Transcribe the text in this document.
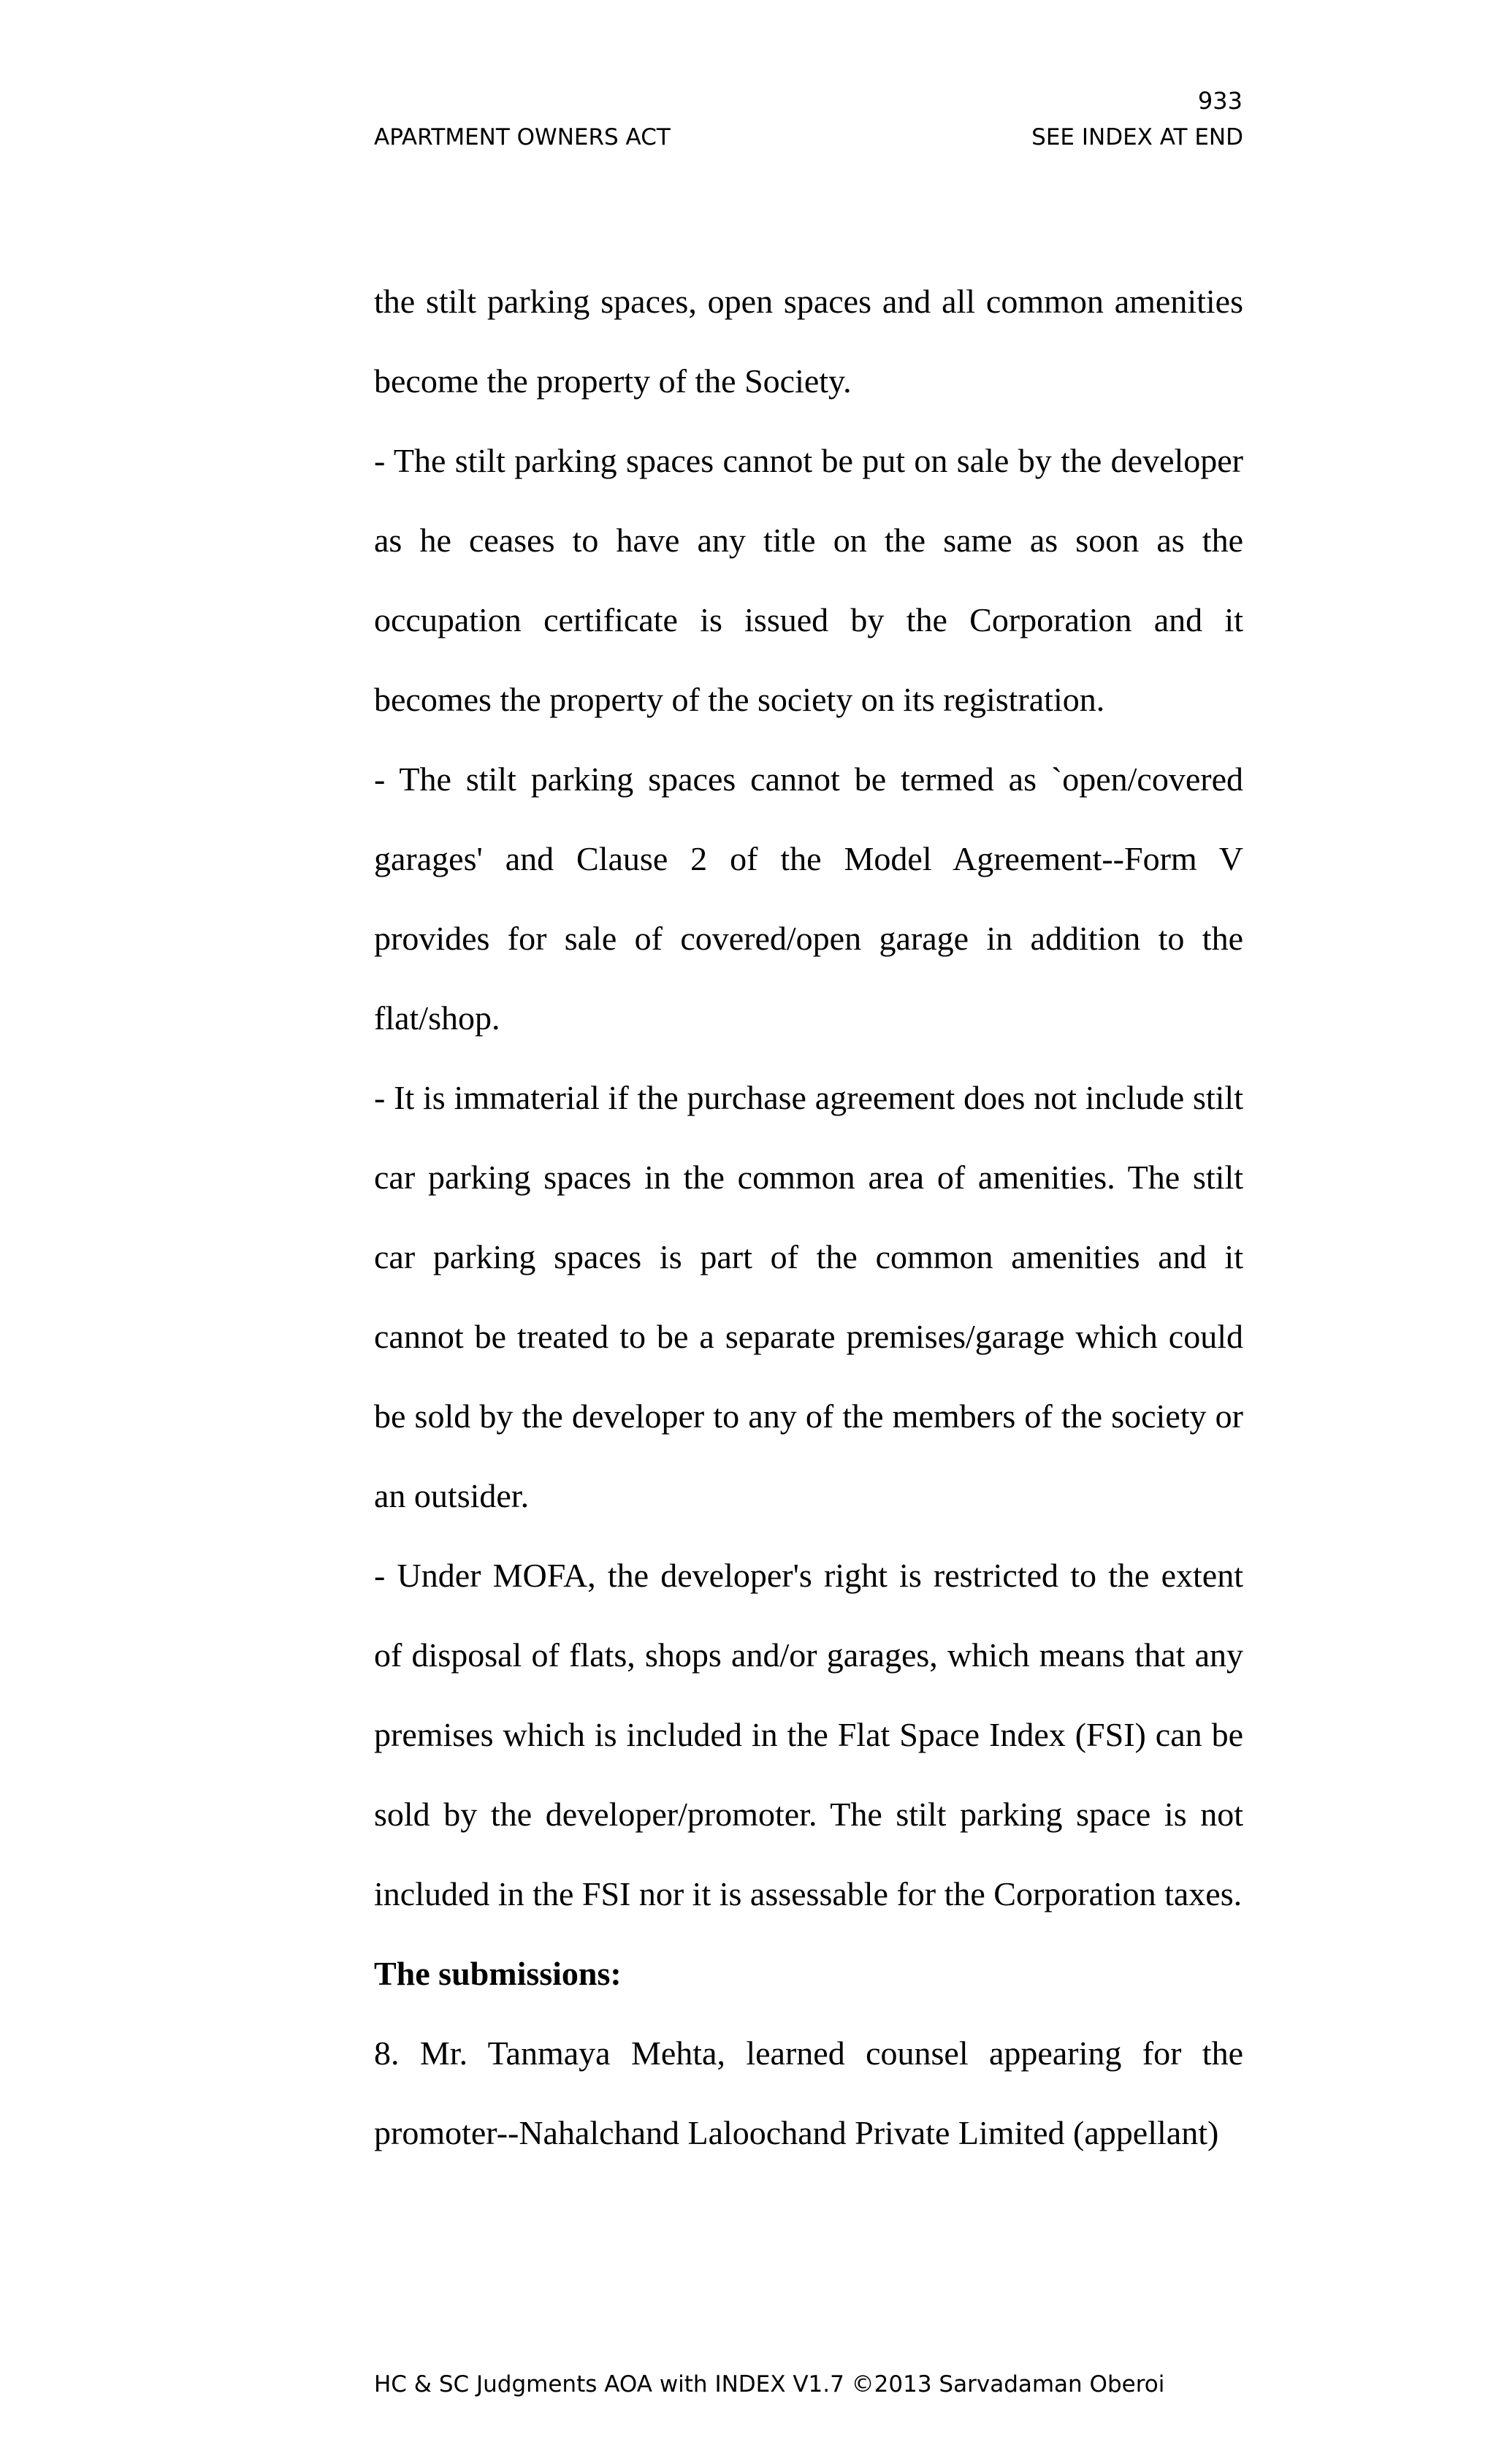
933
APARTMENT OWNERS ACT	SEE INDEX AT END

the stilt parking spaces, open spaces and all common amenities become the property of the Society.

- The stilt parking spaces cannot be put on sale by the developer as he ceases to have any title on the same as soon as the occupation certificate is issued by the Corporation and it becomes the property of the society on its registration.

- The stilt parking spaces cannot be termed as `open/covered garages' and Clause 2 of the Model Agreement--Form V provides for sale of covered/open garage in addition to the flat/shop.

- It is immaterial if the purchase agreement does not include stilt car parking spaces in the common area of amenities. The stilt car parking spaces is part of the common amenities and it cannot be treated to be a separate premises/garage which could be sold by the developer to any of the members of the society or an outsider.

- Under MOFA, the developer's right is restricted to the extent of disposal of flats, shops and/or garages, which means that any premises which is included in the Flat Space Index (FSI) can be sold by the developer/promoter. The stilt parking space is not included in the FSI nor it is assessable for the Corporation taxes.

The submissions:

8. Mr. Tanmaya Mehta, learned counsel appearing for the promoter--Nahalchand Laloochand Private Limited (appellant)

HC & SC Judgments AOA with INDEX V1.7 ©2013 Sarvadaman Oberoi
